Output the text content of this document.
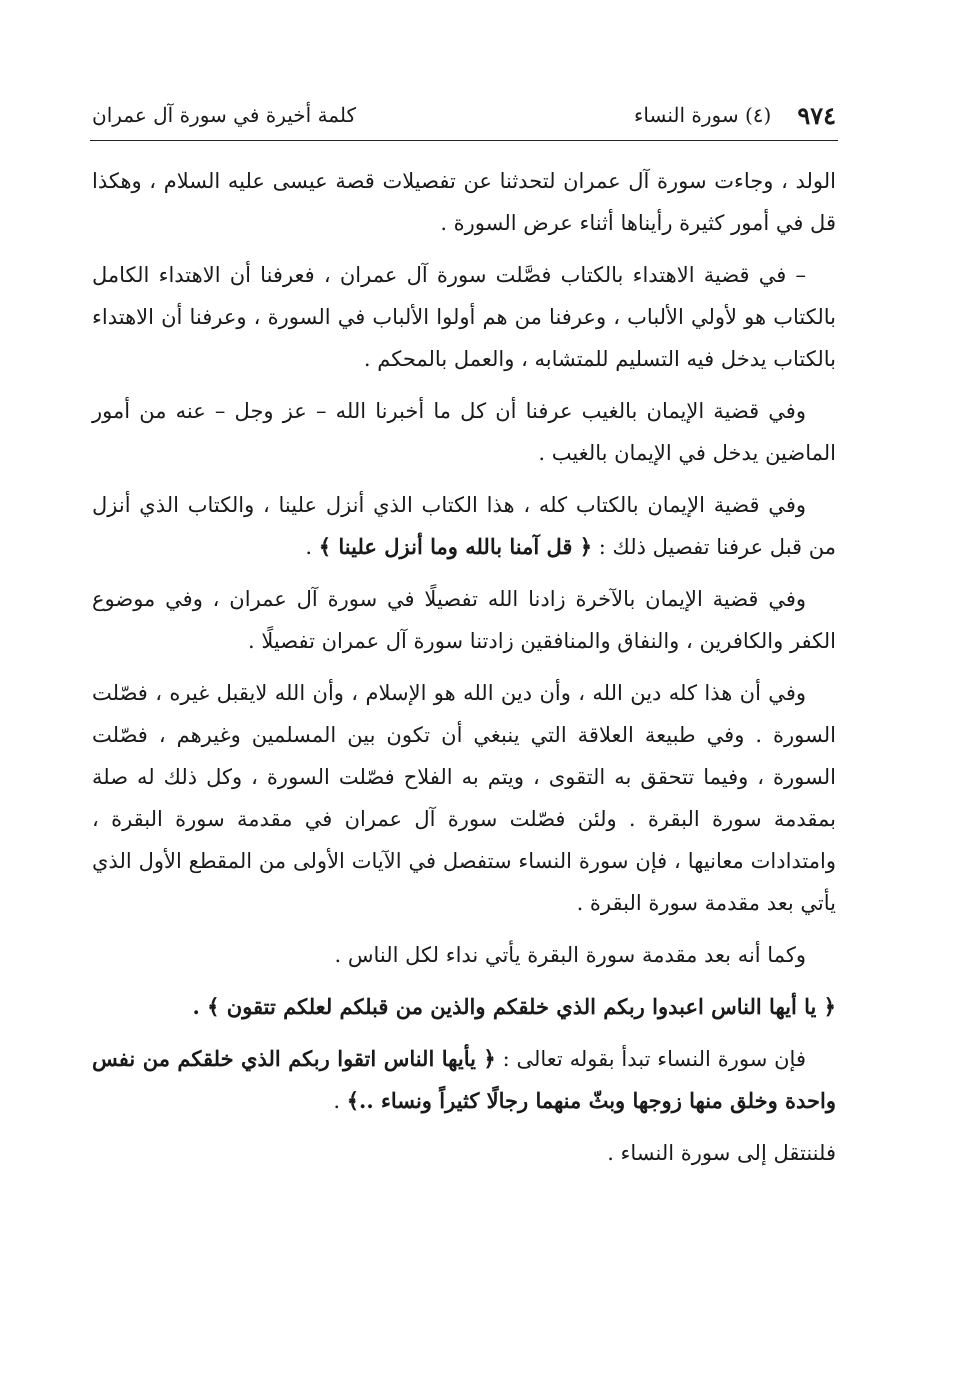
٩٧٤
(٤) سورة النساء
كلمة أخيرة في سورة آل عمران

الولد ، وجاءت سورة آل عمران لتحدثنا عن تفصيلات قصة عيسى عليه السلام ، وهكذا قل في أمور كثيرة رأيناها أثناء عرض السورة .

– في قضية الاهتداء بالكتاب فصَّلت سورة آل عمران ، فعرفنا أن الاهتداء الكامل بالكتاب هو لأولي الألباب ، وعرفنا من هم أولوا الألباب في السورة ، وعرفنا أن الاهتداء بالكتاب يدخل فيه التسليم للمتشابه ، والعمل بالمحكم .

وفي قضية الإيمان بالغيب عرفنا أن كل ما أخبرنا الله – عز وجل – عنه من أمور الماضين يدخل في الإيمان بالغيب .

وفي قضية الإيمان بالكتاب كله ، هذا الكتاب الذي أنزل علينا ، والكتاب الذي أنزل من قبل عرفنا تفصيل ذلك : ﴿ قل آمنا بالله وما أنزل علينا ﴾ .

وفي قضية الإيمان بالآخرة زادنا الله تفصيلًا في سورة آل عمران ، وفي موضوع الكفر والكافرين ، والنفاق والمنافقين زادتنا سورة آل عمران تفصيلًا .

وفي أن هذا كله دين الله ، وأن دين الله هو الإسلام ، وأن الله لايقبل غيره ، فصّلت السورة . وفي طبيعة العلاقة التي ينبغي أن تكون بين المسلمين وغيرهم ، فصّلت السورة ، وفيما تتحقق به التقوى ، ويتم به الفلاح فصّلت السورة ، وكل ذلك له صلة بمقدمة سورة البقرة . ولئن فصّلت سورة آل عمران في مقدمة سورة البقرة ، وامتدادات معانيها ، فإن سورة النساء ستفصل في الآيات الأولى من المقطع الأول الذي يأتي بعد مقدمة سورة البقرة .

وكما أنه بعد مقدمة سورة البقرة يأتي نداء لكل الناس .

﴿ يا أيها الناس اعبدوا ربكم الذي خلقكم والذين من قبلكم لعلكم تتقون ﴾ .

فإن سورة النساء تبدأ بقوله تعالى : ﴿ يأيها الناس اتقوا ربكم الذي خلقكم من نفس واحدة وخلق منها زوجها وبثّ منهما رجالًا كثيراً ونساء ..﴾ .

فلننتقل إلى سورة النساء .
